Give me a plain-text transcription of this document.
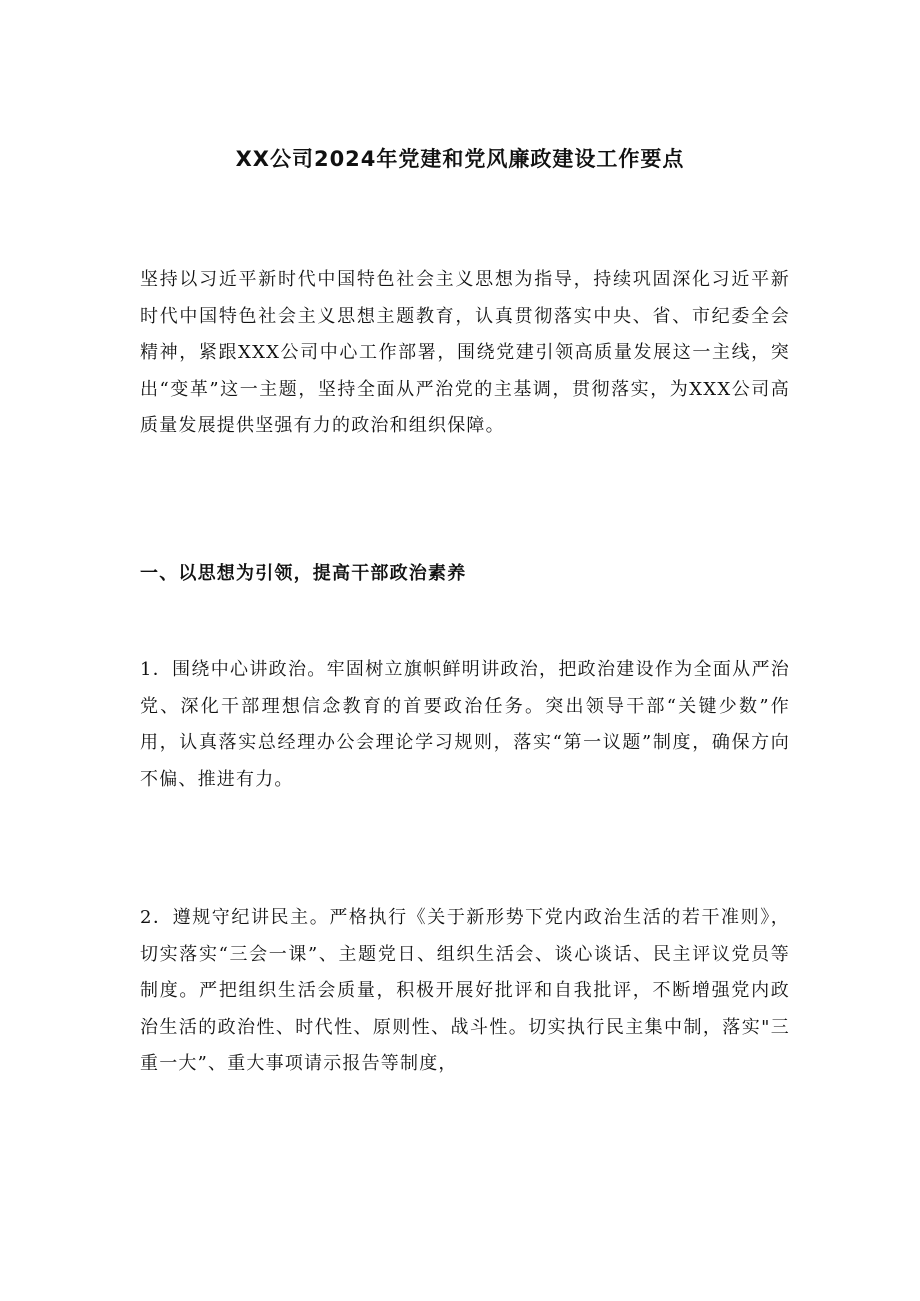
XX公司2024年党建和党风廉政建设工作要点

坚持以习近平新时代中国特色社会主义思想为指导，持续巩固深化习近平新时代中国特色社会主义思想主题教育，认真贯彻落实中央、省、市纪委全会精神，紧跟XXX公司中心工作部署，围绕党建引领高质量发展这一主线，突出“变革”这一主题，坚持全面从严治党的主基调，贯彻落实，为XXX公司高质量发展提供坚强有力的政治和组织保障。

一、以思想为引领，提高干部政治素养

1．围绕中心讲政治。牢固树立旗帜鲜明讲政治，把政治建设作为全面从严治党、深化干部理想信念教育的首要政治任务。突出领导干部“关键少数”作用，认真落实总经理办公会理论学习规则，落实“第一议题”制度，确保方向不偏、推进有力。

2．遵规守纪讲民主。严格执行《关于新形势下党内政治生活的若干准则》，切实落实“三会一课”、主题党日、组织生活会、谈心谈话、民主评议党员等制度。严把组织生活会质量，积极开展好批评和自我批评，不断增强党内政治生活的政治性、时代性、原则性、战斗性。切实执行民主集中制，落实"三重一大”、重大事项请示报告等制度，
